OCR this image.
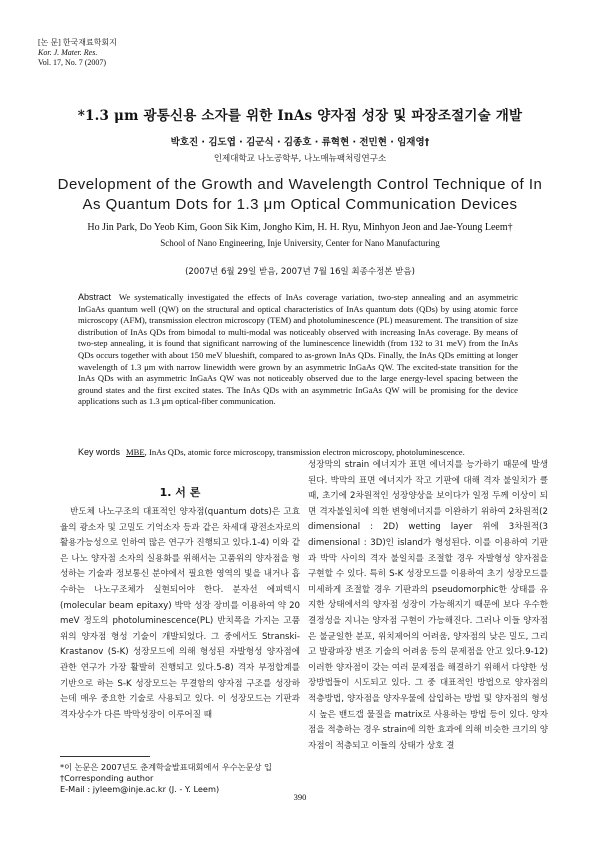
[논 문] 한국재료학회지
Kor. J. Mater. Res.
Vol. 17, No. 7 (2007)
*1.3 μm 광통신용 소자를 위한 InAs 양자점 성장 및 파장조절기술 개발
박호진 · 김도엽 · 김군식 · 김종호 · 류혁현 · 전민현 · 임재영†
인제대학교 나노공학부, 나노매뉴팩처링연구소
Development of the Growth and Wavelength Control Technique of In
As Quantum Dots for 1.3 μm Optical Communication Devices
Ho Jin Park, Do Yeob Kim, Goon Sik Kim, Jongho Kim, H. H. Ryu, Minhyon Jeon and Jae-Young Leem†
School of Nano Engineering, Inje University, Center for Nano Manufacturing
(2007년 6월 29일 받음, 2007년 7월 16일 최종수정본 받음)
Abstract We systematically investigated the effects of InAs coverage variation, two-step annealing and an asymmetric InGaAs quantum well (QW) on the structural and optical characteristics of InAs quantum dots (QDs) by using atomic force microscopy (AFM), transmission electron microscopy (TEM) and photoluminescence (PL) measurement. The transition of size distribution of InAs QDs from bimodal to multi-modal was noticeably observed with increasing InAs coverage. By means of two-step annealing, it is found that significant narrowing of the luminescence linewidth (from 132 to 31 meV) from the InAs QDs occurs together with about 150 meV blueshift, compared to as-grown InAs QDs. Finally, the InAs QDs emitting at longer wavelength of 1.3 μm with narrow linewidth were grown by an asymmetric InGaAs QW. The excited-state transition for the InAs QDs with an asymmetric InGaAs QW was not noticeably observed due to the large energy-level spacing between the ground states and the first excited states. The InAs QDs with an asymmetric InGaAs QW will be promising for the device applications such as 1.3 μm optical-fiber communication.
Key words MBE, InAs QDs, atomic force microscopy, transmission electron microscopy, photoluminescence.
1. 서 론

반도체 나노구조의 대표적인 양자점(quantum dots)은 고효율의 광소자 및 고밀도 기억소자 등과 같은 차세대 광전소자로의 활용가능성으로 인하여 많은 연구가 진행되고 있다.1-4) 이와 같은 나노 양자점 소자의 실용화를 위해서는 고품위의 양자점을 형성하는 기술과 정보통신 분야에서 필요한 영역의 빛을 내거나 흡수하는 나노구조체가 실현되어야 한다. 분자선 에피텍시(molecular beam epitaxy) 박막 성장 장비를 이용하여 약 20 meV 정도의 photoluminescence(PL) 반치폭을 가지는 고품위의 양자점 형성 기술이 개발되었다. 그 중에서도 Stranski-Krastanov (S-K) 성장모드에 의해 형성된 자발형성 양자점에 관한 연구가 가장 활발히 진행되고 있다.5-8) 격자 부정합계를 기반으로 하는 S-K 성장모드는 무결함의 양자점 구조를 성장하는데 매우 중요한 기술로 사용되고 있다. 이 성장모드는 기판과 격자상수가 다른 박막성장이 이루어질 때

성장막의 strain 에너지가 표면 에너지를 능가하기 때문에 발생된다. 박막의 표면 에너지가 작고 기판에 대해 격자 불일치가 클 때, 초기에 2차원적인 성장양상을 보이다가 일정 두께 이상이 되면 격자불일치에 의한 변형에너지를 이완하기 위하여 2차원적(2 dimensional : 2D) wetting layer 위에 3차원적(3 dimensional : 3D)인 island가 형성된다. 이를 이용하여 기판과 박막 사이의 격자 불일치를 조절할 경우 자발형성 양자점을 구현할 수 있다. 특히 S-K 성장모드를 이용하여 초기 성장모드를 미세하게 조절할 경우 기판과의 pseudomorphic한 상태를 유지한 상태에서의 양자점 성장이 가능해지기 때문에 보다 우수한 결정성을 지니는 양자점 구현이 가능해진다. 그러나 이들 양자점은 불균일한 분포, 위치제어의 어려움, 양자점의 낮은 밀도, 그리고 발광파장 변조 기술의 어려움 등의 문제점을 안고 있다.9-12) 이러한 양자점이 갖는 여러 문제점을 해결하기 위해서 다양한 성장방법들이 시도되고 있다. 그 중 대표적인 방법으로 양자점의 적층방법, 양자점을 양자우물에 삽입하는 방법 및 양자점의 형성시 높은 밴드갭 물질을 matrix로 사용하는 방법 등이 있다. 양자점을 적층하는 경우 strain에 의한 효과에 의해 비슷한 크기의 양자점이 적층되고 이들의 상태가 상호 결

*이 논문은 2007년도 춘계학술발표대회에서 우수논문상 입
†Corresponding author
E-Mail : jyleem@inje.ac.kr (J. - Y. Leem)
390
